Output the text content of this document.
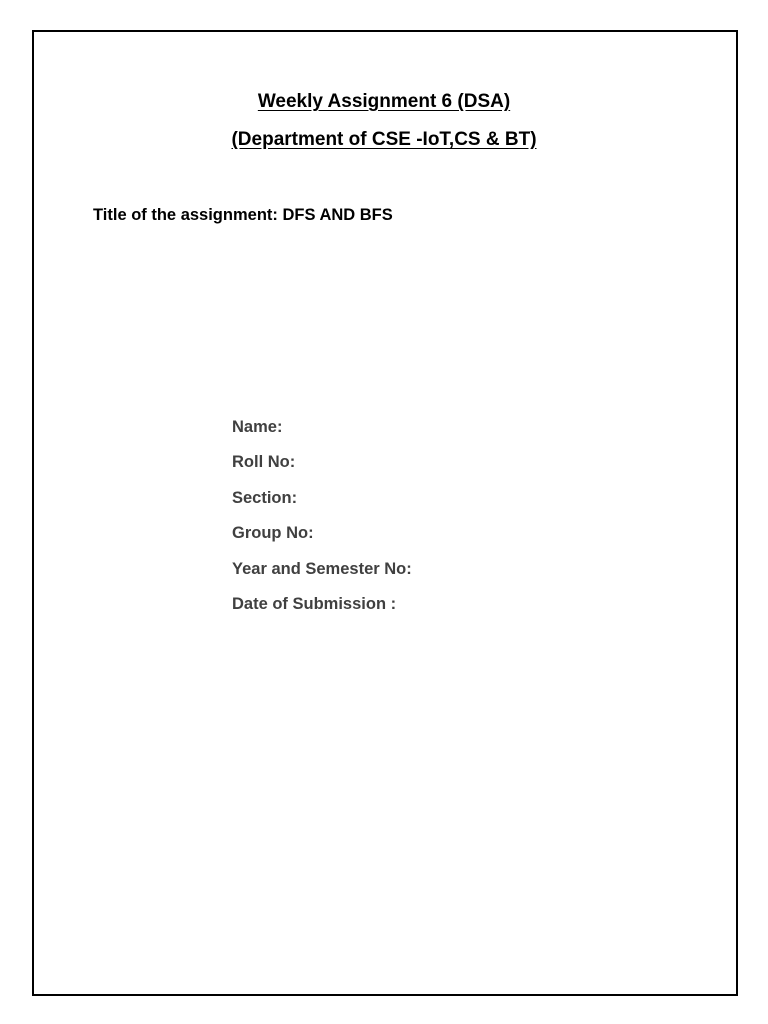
Weekly Assignment 6 (DSA)
(Department of CSE -IoT,CS & BT)

Title of the assignment: DFS AND BFS

Name:
Roll No:
Section:
Group No:
Year and Semester No:
Date of Submission :
